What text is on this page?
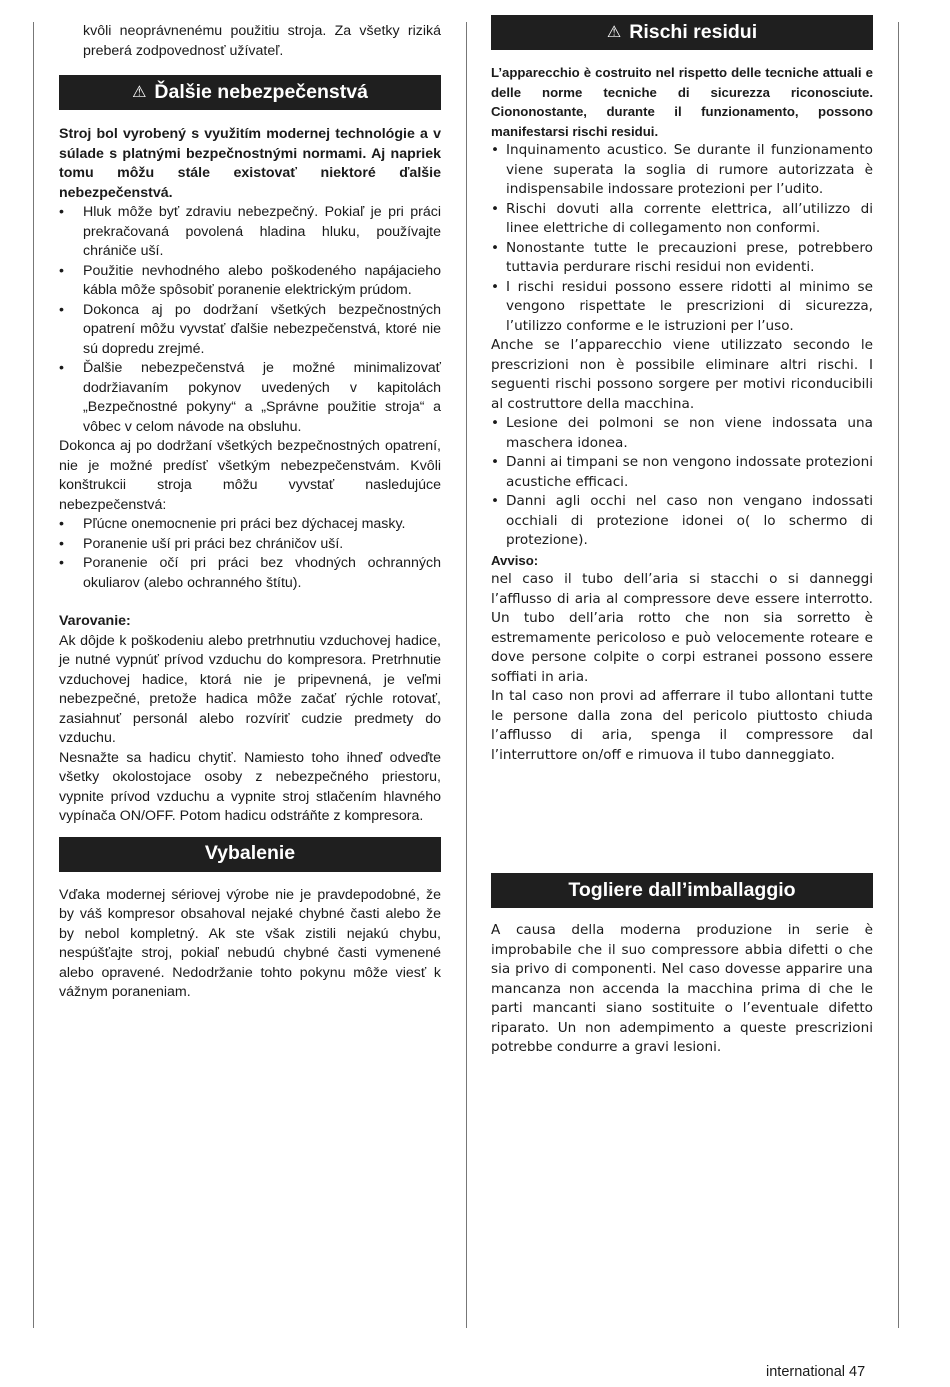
kvôli neoprávnenému použitiu stroja. Za všetky riziká preberá zodpovednosť užívateľ.

⚠ Ďalšie nebezpečenstvá

Stroj bol vyrobený s využitím modernej technológie a v súlade s platnými bezpečnostnými normami. Aj napriek tomu môžu stále existovať niektoré ďalšie nebezpečenstvá.

• Hluk môže byť zdraviu nebezpečný. Pokiaľ je pri práci prekračovaná povolená hladina hluku, používajte chrániče uší.
• Použitie nevhodného alebo poškodeného napájacieho kábla môže spôsobiť poranenie elektrickým prúdom.
• Dokonca aj po dodržaní všetkých bezpečnostných opatrení môžu vyvstať ďalšie nebezpečenstvá, ktoré nie sú dopredu zrejmé.
• Ďalšie nebezpečenstvá je možné minimalizovať dodržiavaním pokynov uvedených v kapitolách „Bezpečnostné pokyny“ a „Správne použitie stroja“ a vôbec v celom návode na obsluhu.

Dokonca aj po dodržaní všetkých bezpečnostných opatrení, nie je možné predísť všetkým nebezpečenstvám. Kvôli konštrukcii stroja môžu vyvstať nasledujúce nebezpečenstvá:

• Pľúcne onemocnenie pri práci bez dýchacej masky.
• Poranenie uší pri práci bez chráničov uší.
• Poranenie očí pri práci bez vhodných ochranných okuliarov (alebo ochranného štítu).

Varovanie:

Ak dôjde k poškodeniu alebo pretrhnutiu vzduchovej hadice, je nutné vypnúť prívod vzduchu do kompresora. Pretrhnutie vzduchovej hadice, ktorá nie je pripevnená, je veľmi nebezpečné, pretože hadica môže začať rýchle rotovať, zasiahnuť personál alebo rozvíriť cudzie predmety do vzduchu.

Nesnažte sa hadicu chytiť. Namiesto toho ihneď odveďte všetky okolostojace osoby z nebezpečného priestoru, vypnite prívod vzduchu a vypnite stroj stlačením hlavného vypínača ON/OFF. Potom hadicu odstráňte z kompresora.

Vybalenie

Vďaka modernej sériovej výrobe nie je pravdepodobné, že by váš kompresor obsahoval nejaké chybné časti alebo že by nebol kompletný. Ak ste však zistili nejakú chybu, nespúšťajte stroj, pokiaľ nebudú chybné časti vymenené alebo opravené. Nedodržanie tohto pokynu môže viesť k vážnym poraneniam.

⚠ Rischi residui

L’apparecchio è costruito nel rispetto delle tecniche attuali e delle norme tecniche di sicurezza riconosciute. Ciononostante, durante il funzionamento, possono manifestarsi rischi residui.

• Inquinamento acustico. Se durante il funzionamento viene superata la soglia di rumore autorizzata è indispensabile indossare protezioni per l’udito.
• Rischi dovuti alla corrente elettrica, all’utilizzo di linee elettriche di collegamento non conformi.
• Nonostante tutte le precauzioni prese, potrebbero tuttavia perdurare rischi residui non evidenti.
• I rischi residui possono essere ridotti al minimo se vengono rispettate le prescrizioni di sicurezza, l’utilizzo conforme e le istruzioni per l’uso.

Anche se l’apparecchio viene utilizzato secondo le prescrizioni non è possibile eliminare altri rischi. I seguenti rischi possono sorgere per motivi riconducibili al costruttore della macchina.

• Lesione dei polmoni se non viene indossata una maschera idonea.
• Danni ai timpani se non vengono indossate protezioni acustiche efficaci.
• Danni agli occhi nel caso non vengano indossati occhiali di protezione idonei o( lo schermo di protezione).

Avviso:

nel caso il tubo dell’aria si stacchi o si danneggi l’afflusso di aria al compressore deve essere interrotto. Un tubo dell’aria rotto che non sia sorretto è estremamente pericoloso e può velocemente roteare e dove persone colpite o corpi estranei possono essere soffiati in aria.

In tal caso non provi ad afferrare il tubo allontani tutte le persone dalla zona del pericolo piuttosto chiuda l’afflusso di aria, spenga il compressore dal l’interruttore on/off e rimuova il tubo danneggiato.

Togliere dall’imballaggio

A causa della moderna produzione in serie è improbabile che il suo compressore abbia difetti o che sia privo di componenti. Nel caso dovesse apparire una mancanza non accenda la macchina prima di che le parti mancanti siano sostituite o l’eventuale difetto riparato. Un non adempimento a queste prescrizioni potrebbe condurre a gravi lesioni.

international 47
